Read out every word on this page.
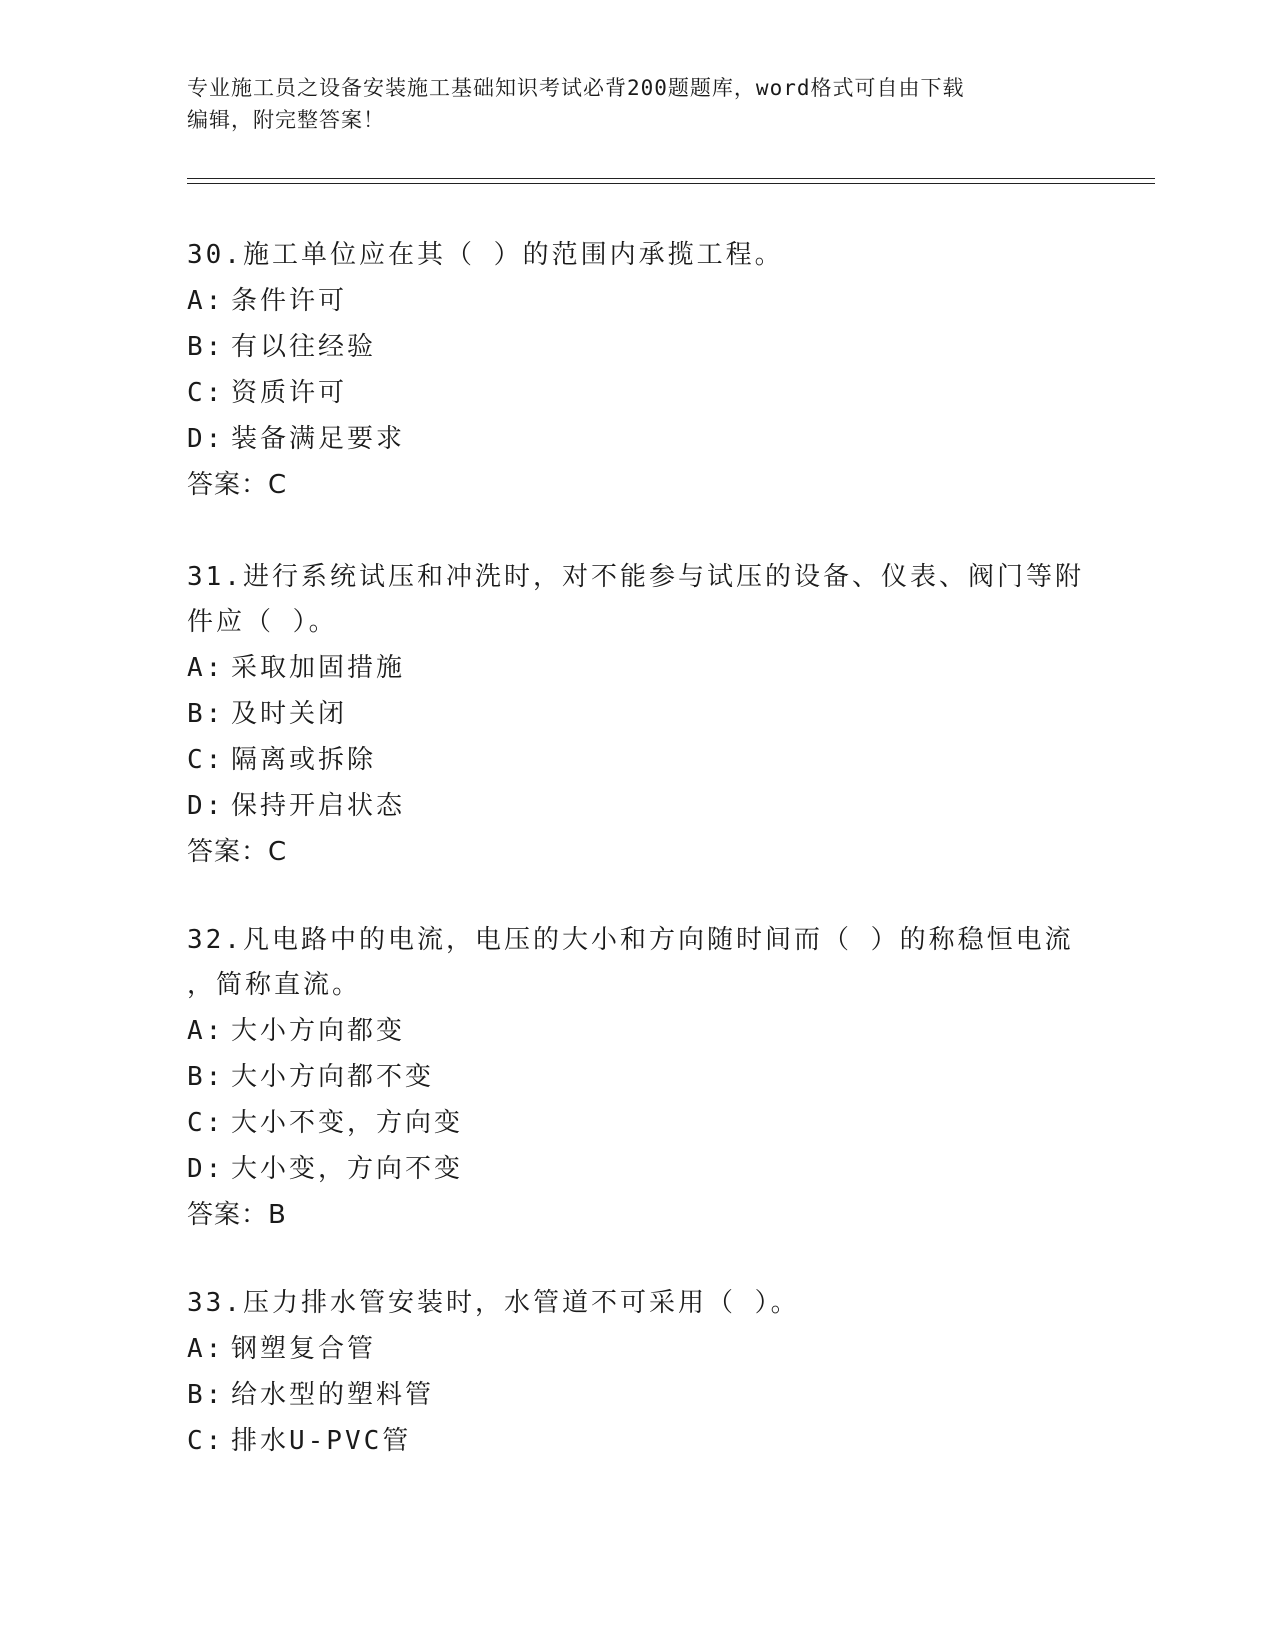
专业施工员之设备安装施工基础知识考试必背200题题库，word格式可自由下载
编辑，附完整答案！

30.施工单位应在其（ ）的范围内承揽工程。

A: 条件许可
B: 有以往经验
C: 资质许可
D: 装备满足要求

答案：C

31.进行系统试压和冲洗时，对不能参与试压的设备、仪表、阀门等附

件应（ ）。

A: 采取加固措施
B: 及时关闭
C: 隔离或拆除
D: 保持开启状态

答案：C

32.凡电路中的电流，电压的大小和方向随时间而（ ）的称稳恒电流

，简称直流。

A: 大小方向都变
B: 大小方向都不变
C: 大小不变，方向变
D: 大小变，方向不变

答案：B

33.压力排水管安装时，水管道不可采用（ ）。

A: 钢塑复合管
B: 给水型的塑料管
C: 排水U-PVC管
